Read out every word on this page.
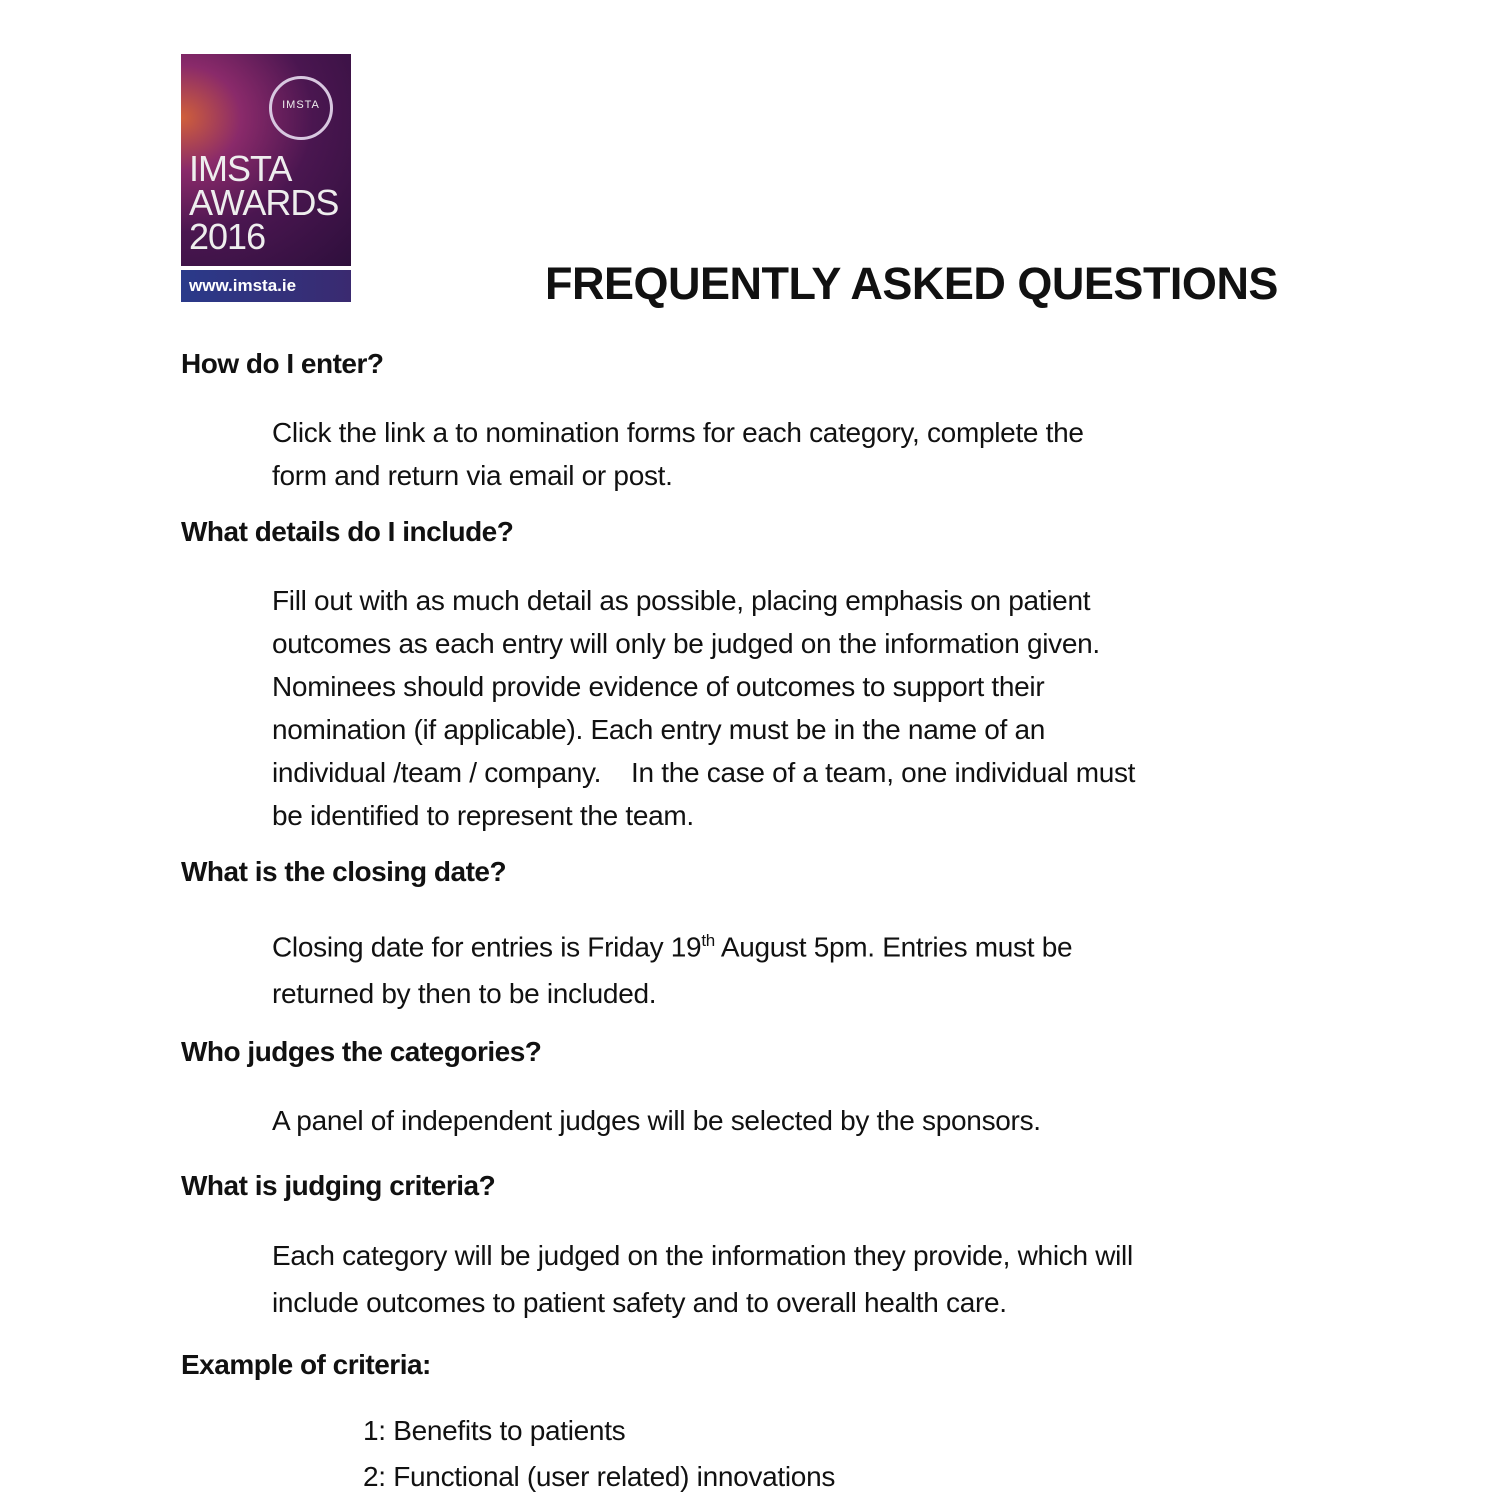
IMSTA
IMSTA
AWARDS
2016
www.imsta.ie	FREQUENTLY ASKED QUESTIONS
How do I enter?
Click the link a to nomination forms for each category, complete the
form and return via email or post.
What details do I include?
Fill out with as much detail as possible, placing emphasis on patient
outcomes as each entry will only be judged on the information given.
Nominees should provide evidence of outcomes to support their
nomination (if applicable). Each entry must be in the name of an
individual /team / company.    In the case of a team, one individual must
be identified to represent the team.
What is the closing date?
Closing date for entries is Friday 19th August 5pm. Entries must be
returned by then to be included.
Who judges the categories?
A panel of independent judges will be selected by the sponsors.
What is judging criteria?
Each category will be judged on the information they provide, which will
include outcomes to patient safety and to overall health care.
Example of criteria:
1: Benefits to patients
2: Functional (user related) innovations
